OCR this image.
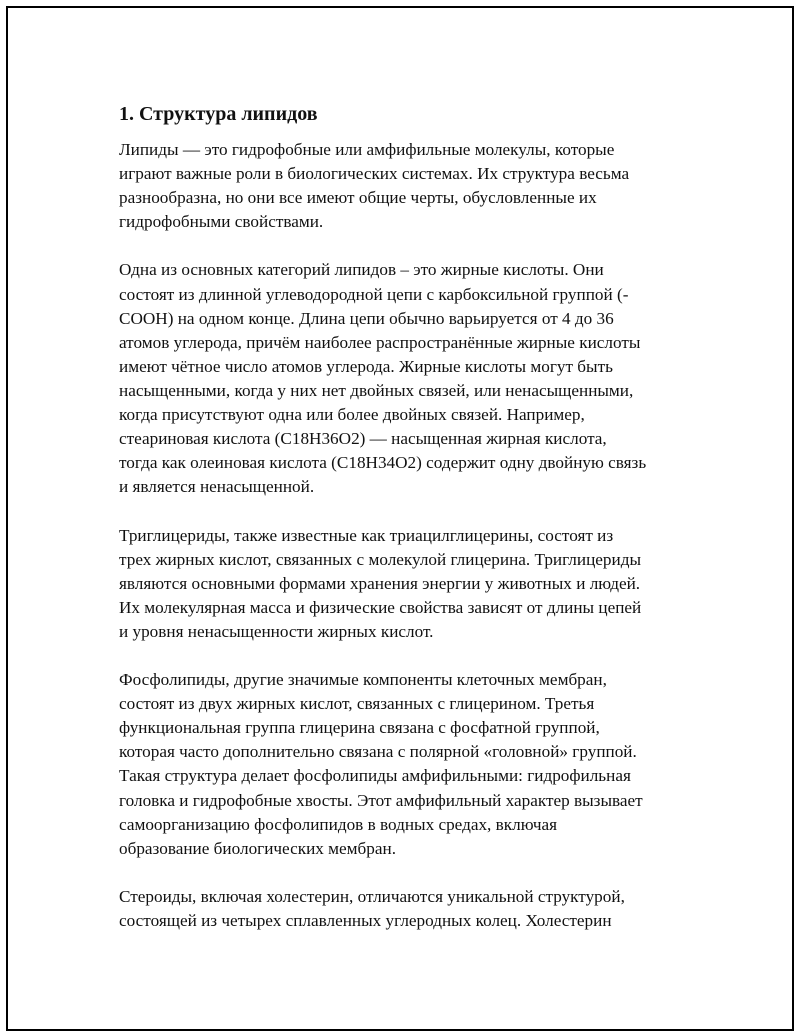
1. Структура липидов

Липиды — это гидрофобные или амфифильные молекулы, которые
играют важные роли в биологических системах. Их структура весьма
разнообразна, но они все имеют общие черты, обусловленные их
гидрофобными свойствами.

Одна из основных категорий липидов – это жирные кислоты. Они
состоят из длинной углеводородной цепи с карбоксильной группой (-
COOH) на одном конце. Длина цепи обычно варьируется от 4 до 36
атомов углерода, причём наиболее распространённые жирные кислоты
имеют чётное число атомов углерода. Жирные кислоты могут быть
насыщенными, когда у них нет двойных связей, или ненасыщенными,
когда присутствуют одна или более двойных связей. Например,
стеариновая кислота (C18H36O2) — насыщенная жирная кислота,
тогда как олеиновая кислота (C18H34O2) содержит одну двойную связь
и является ненасыщенной.

Триглицериды, также известные как триацилглицерины, состоят из
трех жирных кислот, связанных с молекулой глицерина. Триглицериды
являются основными формами хранения энергии у животных и людей.
Их молекулярная масса и физические свойства зависят от длины цепей
и уровня ненасыщенности жирных кислот.

Фосфолипиды, другие значимые компоненты клеточных мембран,
состоят из двух жирных кислот, связанных с глицерином. Третья
функциональная группа глицерина связана с фосфатной группой,
которая часто дополнительно связана с полярной «головной» группой.
Такая структура делает фосфолипиды амфифильными: гидрофильная
головка и гидрофобные хвосты. Этот амфифильный характер вызывает
самоорганизацию фосфолипидов в водных средах, включая
образование биологических мембран.

Стероиды, включая холестерин, отличаются уникальной структурой,
состоящей из четырех сплавленных углеродных колец. Холестерин
